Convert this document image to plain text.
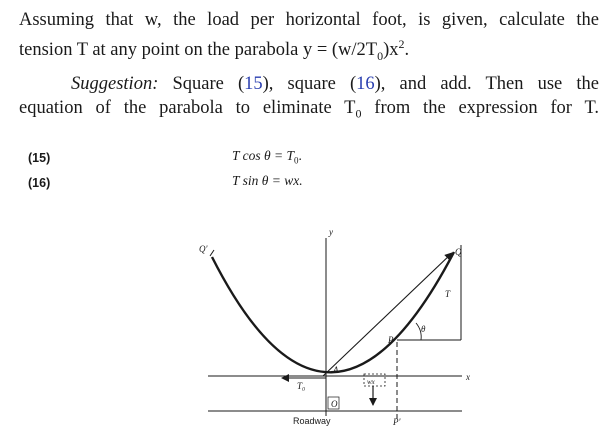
Assuming that w, the load per horizontal foot, is given, calculate the
tension T at any point on the parabola $y = (w/2T_0)x^2$.
Suggestion: Square (15), square (16), and add. Then use the
equation of the parabola to eliminate $T_0$ from the expression for T.
(15)	T $\cos \theta = T_0$.
(16)	T sin θ = wx.
y
x
Q'	Q
T
θ
P
A
T₀	wx
O
Roadway	P'
